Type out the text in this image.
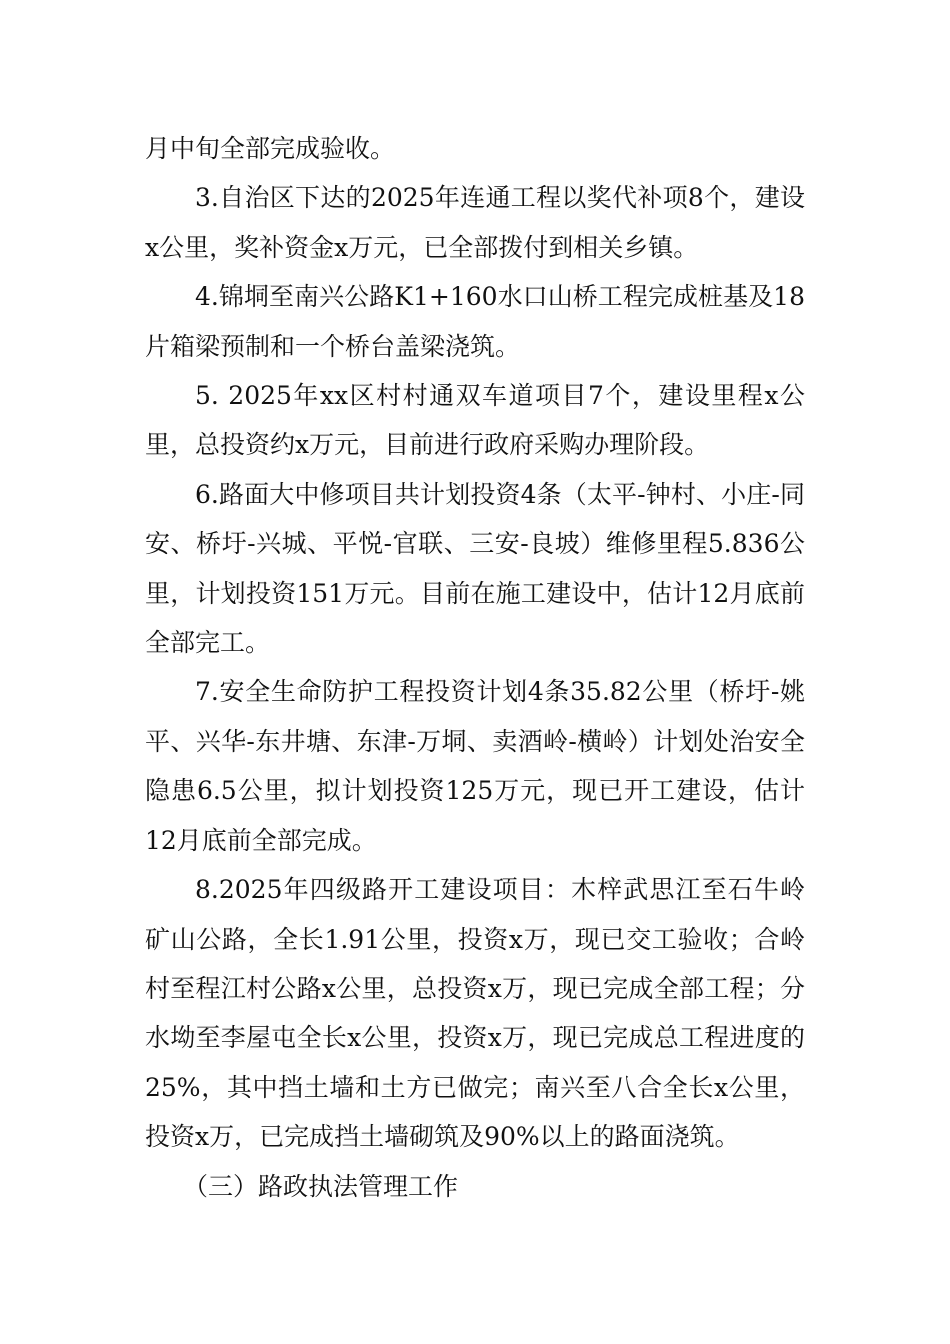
月中旬全部完成验收。

3.自治区下达的2025年连通工程以奖代补项8个，建设x公里，奖补资金x万元，已全部拨付到相关乡镇。

4.锦垌至南兴公路K1+160水口山桥工程完成桩基及18片箱梁预制和一个桥台盖梁浇筑。

5. 2025年xx区村村通双车道项目7个，建设里程x公里，总投资约x万元，目前进行政府采购办理阶段。

6.路面大中修项目共计划投资4条（太平-钟村、小庄-同安、桥圩-兴城、平悦-官联、三安-良坡）维修里程5.836公里，计划投资151万元。目前在施工建设中，估计12月底前全部完工。

7.安全生命防护工程投资计划4条35.82公里（桥圩-姚平、兴华-东井塘、东津-万垌、卖酒岭-横岭）计划处治安全隐患6.5公里，拟计划投资125万元，现已开工建设，估计12月底前全部完成。

8.2025年四级路开工建设项目：木梓武思江至石牛岭矿山公路，全长1.91公里，投资x万，现已交工验收；合岭村至程江村公路x公里，总投资x万，现已完成全部工程；分水坳至李屋屯全长x公里，投资x万，现已完成总工程进度的25%，其中挡土墙和土方已做完；南兴至八合全长x公里，投资x万，已完成挡土墙砌筑及90%以上的路面浇筑。

（三）路政执法管理工作
